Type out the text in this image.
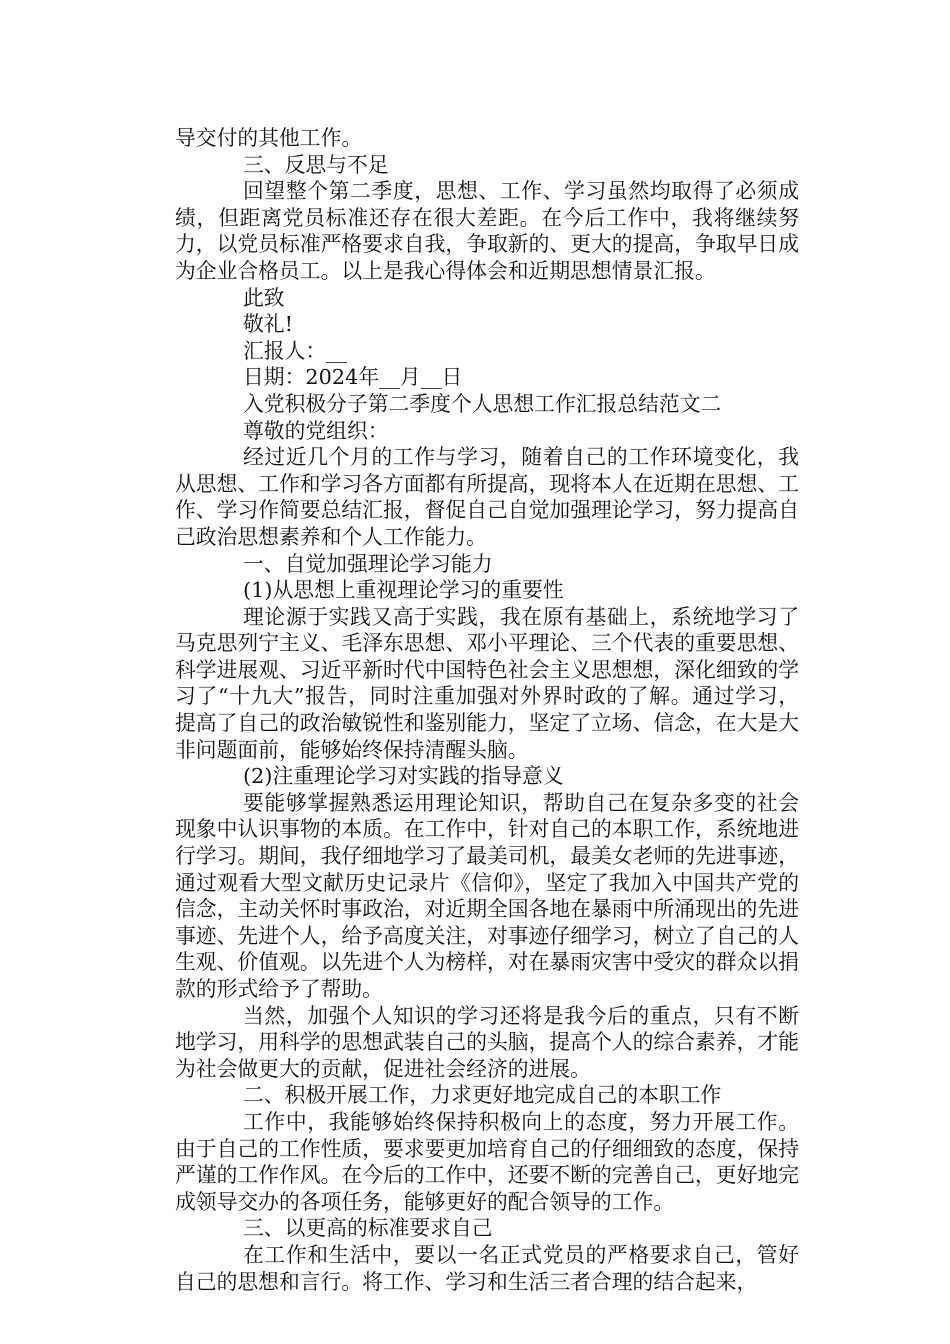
导交付的其他工作。

三、反思与不足

回望整个第二季度，思想、工作、学习虽然均取得了必须成绩，但距离党员标准还存在很大差距。在今后工作中，我将继续努力，以党员标准严格要求自我，争取新的、更大的提高，争取早日成为企业合格员工。以上是我心得体会和近期思想情景汇报。

此致

敬礼!

汇报人：__

日期：2024年__月__日

入党积极分子第二季度个人思想工作汇报总结范文二

尊敬的党组织：

经过近几个月的工作与学习，随着自己的工作环境变化，我从思想、工作和学习各方面都有所提高，现将本人在近期在思想、工作、学习作简要总结汇报，督促自己自觉加强理论学习，努力提高自己政治思想素养和个人工作能力。

一、自觉加强理论学习能力

(1)从思想上重视理论学习的重要性

理论源于实践又高于实践，我在原有基础上，系统地学习了马克思列宁主义、毛泽东思想、邓小平理论、三个代表的重要思想、科学进展观、习近平新时代中国特色社会主义思想想，深化细致的学习了“十九大”报告，同时注重加强对外界时政的了解。通过学习，提高了自己的政治敏锐性和鉴别能力，坚定了立场、信念，在大是大非问题面前，能够始终保持清醒头脑。

(2)注重理论学习对实践的指导意义

要能够掌握熟悉运用理论知识，帮助自己在复杂多变的社会现象中认识事物的本质。在工作中，针对自己的本职工作，系统地进行学习。期间，我仔细地学习了最美司机，最美女老师的先进事迹，通过观看大型文献历史记录片《信仰》，坚定了我加入中国共产党的信念，主动关怀时事政治，对近期全国各地在暴雨中所涌现出的先进事迹、先进个人，给予高度关注，对事迹仔细学习，树立了自己的人生观、价值观。以先进个人为榜样，对在暴雨灾害中受灾的群众以捐款的形式给予了帮助。

当然，加强个人知识的学习还将是我今后的重点，只有不断地学习，用科学的思想武装自己的头脑，提高个人的综合素养，才能为社会做更大的贡献，促进社会经济的进展。

二、积极开展工作，力求更好地完成自己的本职工作

工作中，我能够始终保持积极向上的态度，努力开展工作。由于自己的工作性质，要求要更加培育自己的仔细细致的态度，保持严谨的工作作风。在今后的工作中，还要不断的完善自己，更好地完成领导交办的各项任务，能够更好的配合领导的工作。

三、以更高的标准要求自己

在工作和生活中，要以一名正式党员的严格要求自己，管好自己的思想和言行。将工作、学习和生活三者合理的结合起来，
